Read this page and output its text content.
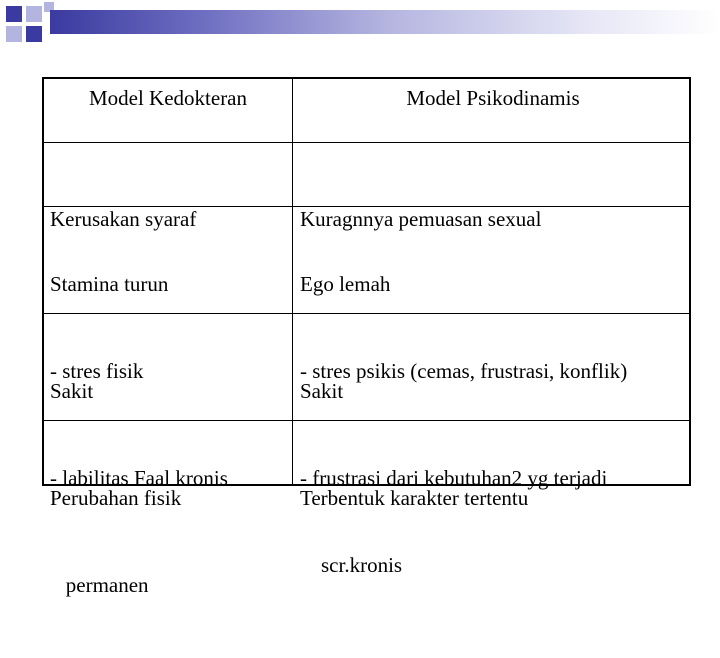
Model Kedokteran	Model Psikodinamis

Kerusakan syaraf

	Kuragnnya pemuasan sexual

Stamina turun

- stres fisik

Ego lemah

- stres psikis (cemas, frustrasi, konflik)

Sakit

- labilitas Faal kronis

Sakit

- frustrasi dari kebutuhan2 yg terjadi

scr.kronis

Perubahan fisik

permanen

Terbentuk karakter tertentu
